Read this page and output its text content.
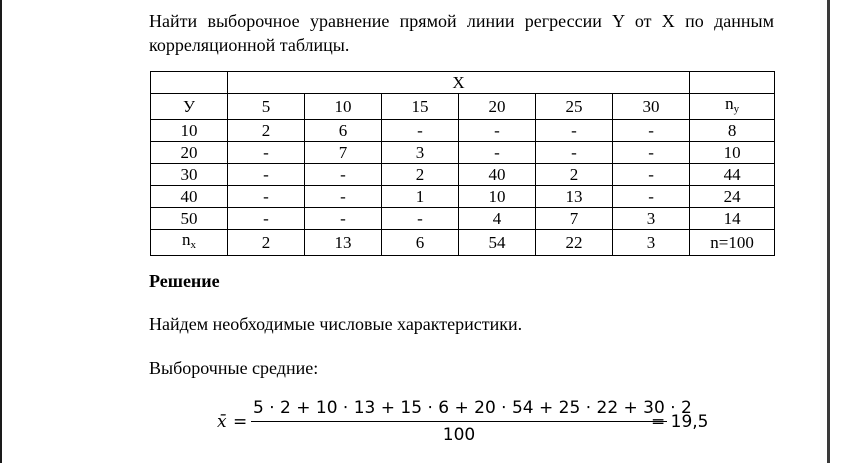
Найти выборочное уравнение прямой линии регрессии Y от X по данным корреляционной таблицы.
	X						
У	5	10	15	20	25	30	$n_y$
10	2	6	-	-	-	-	8
20	-	7	3	-	-	-	10
30	-	-	2	40	2	-	44
40	-	-	1	10	13	-	24
50	-	-	-	4	7	3	14
$n_x$	2	13	6	54	22	3	n=100
Решение
Найдем необходимые числовые характеристики.
Выборочные средние:
x̄ =
5 ⋅ 2 + 10 ⋅ 13 + 15 ⋅ 6 + 20 ⋅ 54 + 25 ⋅ 22 + 30 ⋅ 2
100
= 19,5
